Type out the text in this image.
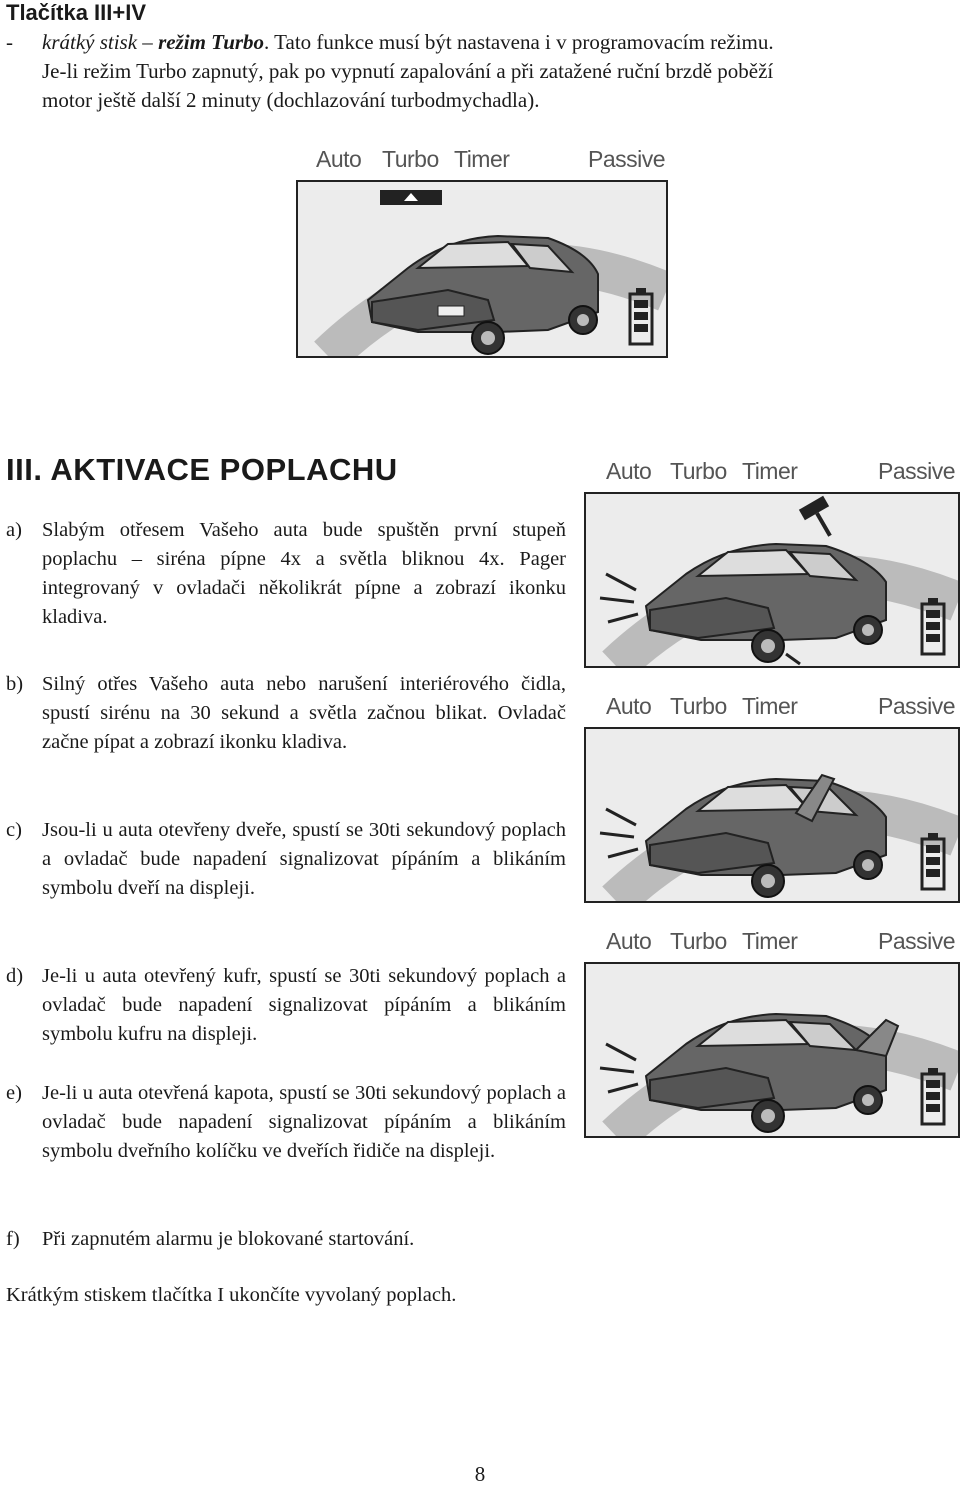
Tlačítka III+IV
-	krátký stisk – režim Turbo. Tato funkce musí být nastavena i v programovacím režimu.
Je-li režim Turbo zapnutý, pak po vypnutí zapalování a při zatažené ruční brzdě poběží
motor ještě další 2 minuty (dochlazování turbodmychadla).
Auto Turbo Timer	Passive
III. AKTIVACE POPLACHU
a) Slabým otřesem Vašeho auta bude spuštěn první stupeň poplachu – siréna pípne 4x a světla bliknou 4x. Pager integrovaný v ovladači několikrát pípne a zobrazí ikonku kladiva.
b) Silný otřes Vašeho auta nebo narušení interiérového čidla, spustí sirénu na 30 sekund a světla začnou blikat. Ovladač začne pípat a zobrazí ikonku kladiva.
c) Jsou-li u auta otevřeny dveře, spustí se 30ti sekundový poplach a ovladač bude napadení signalizovat pípáním a blikáním symbolu dveří na displeji.
d) Je-li u auta otevřený kufr, spustí se 30ti sekundový poplach a ovladač bude napadení signalizovat pípáním a blikáním symbolu kufru na displeji.
e) Je-li u auta otevřená kapota, spustí se 30ti sekundový poplach a ovladač bude napadení signalizovat pípáním a blikáním symbolu dveřního kolíčku ve dveřích řidiče na displeji.
f)	Při zapnutém alarmu je blokované startování.
Krátkým stiskem tlačítka I ukončíte vyvolaný poplach.
Auto Turbo Timer	Passive
Auto Turbo Timer	Passive
Auto Turbo Timer	Passive
8
